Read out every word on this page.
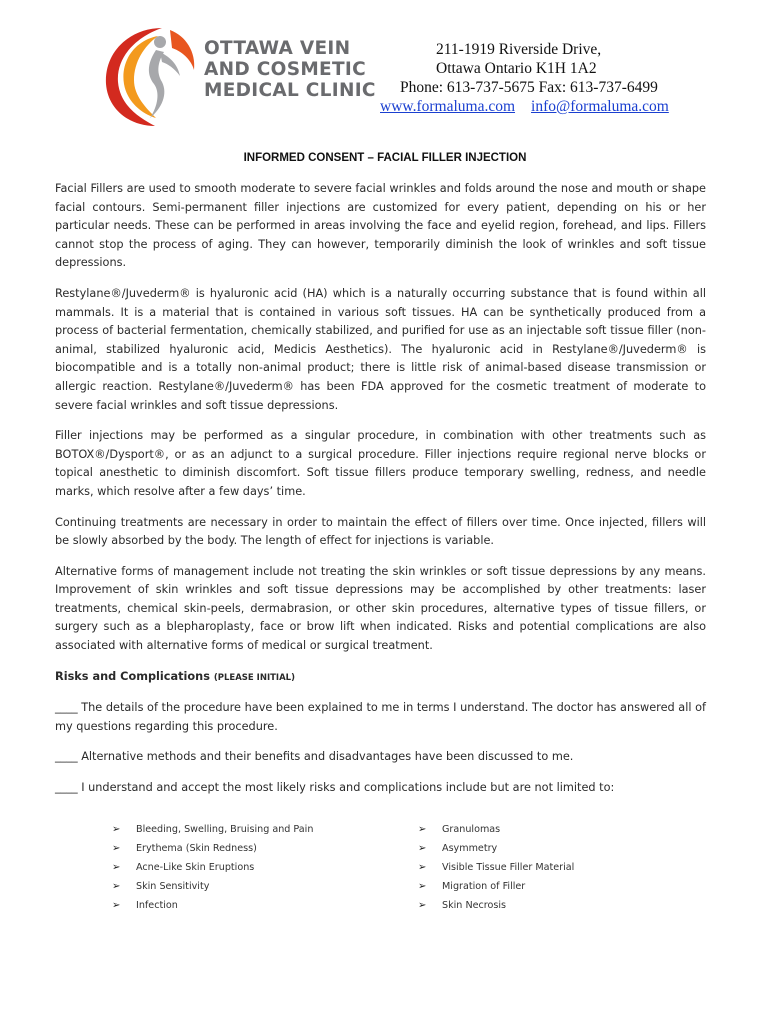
OTTAWA VEIN
AND COSMETIC
MEDICAL CLINIC
211-1919 Riverside Drive,
Ottawa Ontario K1H 1A2
Phone: 613-737-5675 Fax: 613-737-6499
www.formaluma.com info@formaluma.com
INFORMED CONSENT – FACIAL FILLER INJECTION

Facial Fillers are used to smooth moderate to severe facial wrinkles and folds around the nose and mouth or shape facial contours. Semi-permanent filler injections are customized for every patient, depending on his or her particular needs. These can be performed in areas involving the face and eyelid region, forehead, and lips. Fillers cannot stop the process of aging. They can however, temporarily diminish the look of wrinkles and soft tissue depressions.

Restylane®/Juvederm® is hyaluronic acid (HA) which is a naturally occurring substance that is found within all mammals. It is a material that is contained in various soft tissues. HA can be synthetically produced from a process of bacterial fermentation, chemically stabilized, and purified for use as an injectable soft tissue filler (non-animal, stabilized hyaluronic acid, Medicis Aesthetics). The hyaluronic acid in Restylane®/Juvederm® is biocompatible and is a totally non-animal product; there is little risk of animal-based disease transmission or allergic reaction. Restylane®/Juvederm® has been FDA approved for the cosmetic treatment of moderate to severe facial wrinkles and soft tissue depressions.

Filler injections may be performed as a singular procedure, in combination with other treatments such as BOTOX®/Dysport®, or as an adjunct to a surgical procedure. Filler injections require regional nerve blocks or topical anesthetic to diminish discomfort. Soft tissue fillers produce temporary swelling, redness, and needle marks, which resolve after a few days’ time.

Continuing treatments are necessary in order to maintain the effect of fillers over time. Once injected, fillers will be slowly absorbed by the body. The length of effect for injections is variable.

Alternative forms of management include not treating the skin wrinkles or soft tissue depressions by any means. Improvement of skin wrinkles and soft tissue depressions may be accomplished by other treatments: laser treatments, chemical skin-peels, dermabrasion, or other skin procedures, alternative types of tissue fillers, or surgery such as a blepharoplasty, face or brow lift when indicated. Risks and potential complications are also associated with alternative forms of medical or surgical treatment.

Risks and Complications (PLEASE INITIAL)

____ The details of the procedure have been explained to me in terms I understand. The doctor has answered all of my questions regarding this procedure.

____ Alternative methods and their benefits and disadvantages have been discussed to me.

____ I understand and accept the most likely risks and complications include but are not limited to:

➢	Bleeding, Swelling, Bruising and Pain	➢	Granulomas
➢	Erythema (Skin Redness)	➢	Asymmetry
➢	Acne-Like Skin Eruptions	➢	Visible Tissue Filler Material
➢	Skin Sensitivity	➢	Migration of Filler
➢	Infection	➢	Skin Necrosis
